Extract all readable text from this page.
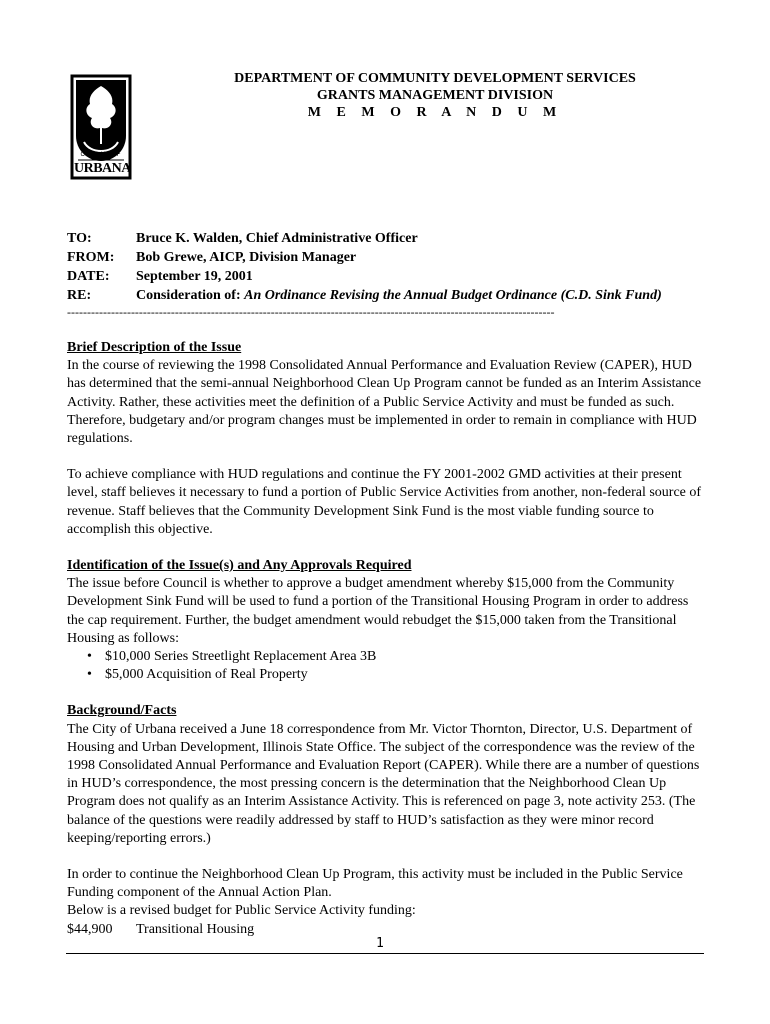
C I T Y O F
URBANA
DEPARTMENT OF COMMUNITY DEVELOPMENT SERVICES
GRANTS MANAGEMENT DIVISION
M E M O R A N D U M
TO:	Bruce K. Walden, Chief Administrative Officer
FROM:	Bob Grewe, AICP, Division Manager
DATE:	September 19, 2001
RE:	Consideration of: An Ordinance Revising the Annual Budget Ordinance (C.D. Sink Fund)
--------------------------------------------------------------------------------------------------------------------------
Brief Description of the Issue

In the course of reviewing the 1998 Consolidated Annual Performance and Evaluation Review (CAPER), HUD has determined that the semi-annual Neighborhood Clean Up Program cannot be funded as an Interim Assistance Activity. Rather, these activities meet the definition of a Public Service Activity and must be funded as such. Therefore, budgetary and/or program changes must be implemented in order to remain in compliance with HUD regulations.

To achieve compliance with HUD regulations and continue the FY 2001-2002 GMD activities at their present level, staff believes it necessary to fund a portion of Public Service Activities from another, non-federal source of revenue. Staff believes that the Community Development Sink Fund is the most viable funding source to accomplish this objective.

Identification of the Issue(s) and Any Approvals Required

The issue before Council is whether to approve a budget amendment whereby $15,000 from the Community Development Sink Fund will be used to fund a portion of the Transitional Housing Program in order to address the cap requirement. Further, the budget amendment would rebudget the $15,000 taken from the Transitional Housing as follows:

• $10,000 Series Streetlight Replacement Area 3B
• $5,000 Acquisition of Real Property
Background/Facts

The City of Urbana received a June 18 correspondence from Mr. Victor Thornton, Director, U.S. Department of Housing and Urban Development, Illinois State Office. The subject of the correspondence was the review of the 1998 Consolidated Annual Performance and Evaluation Report (CAPER). While there are a number of questions in HUD’s correspondence, the most pressing concern is the determination that the Neighborhood Clean Up Program does not qualify as an Interim Assistance Activity. This is referenced on page 3, note activity 253. (The balance of the questions were readily addressed by staff to HUD’s satisfaction as they were minor record keeping/reporting errors.)

In order to continue the Neighborhood Clean Up Program, this activity must be included in the Public Service Funding component of the Annual Action Plan.

Below is a revised budget for Public Service Activity funding:

$44,900	Transitional Housing
1
